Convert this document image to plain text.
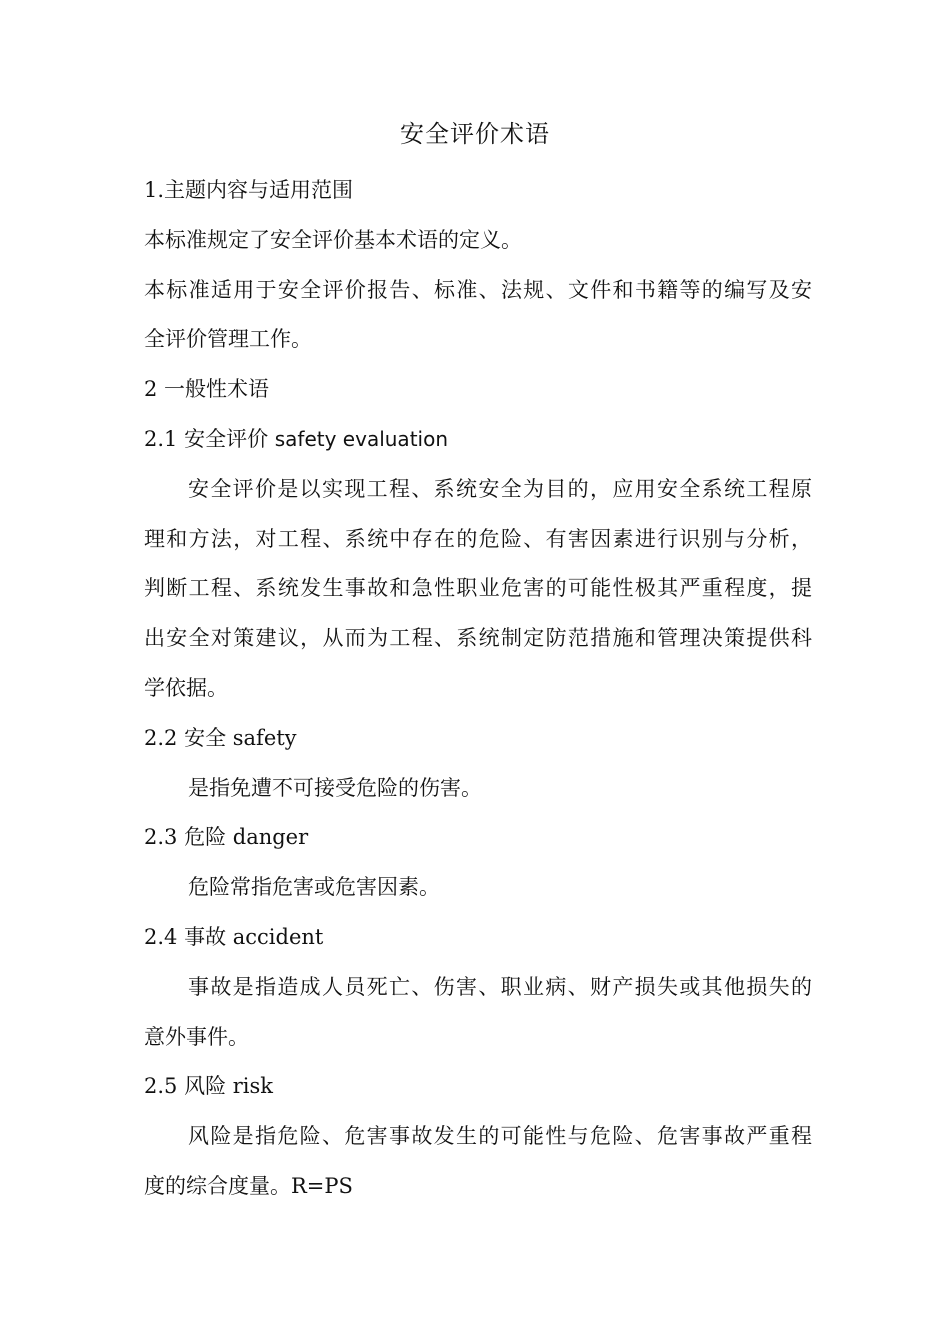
安全评价术语
1.主题内容与适用范围
本标准规定了安全评价基本术语的定义。
本标准适用于安全评价报告、标准、法规、文件和书籍等的编写及安
全评价管理工作。
2 一般性术语
2.1 安全评价 safety evaluation
安全评价是以实现工程、系统安全为目的，应用安全系统工程原
理和方法，对工程、系统中存在的危险、有害因素进行识别与分析，
判断工程、系统发生事故和急性职业危害的可能性极其严重程度，提
出安全对策建议，从而为工程、系统制定防范措施和管理决策提供科
学依据。
2.2 安全 safety
是指免遭不可接受危险的伤害。
2.3 危险 danger
危险常指危害或危害因素。
2.4 事故 accident
事故是指造成人员死亡、伤害、职业病、财产损失或其他损失的
意外事件。
2.5 风险 risk
风险是指危险、危害事故发生的可能性与危险、危害事故严重程
度的综合度量。R=PS
